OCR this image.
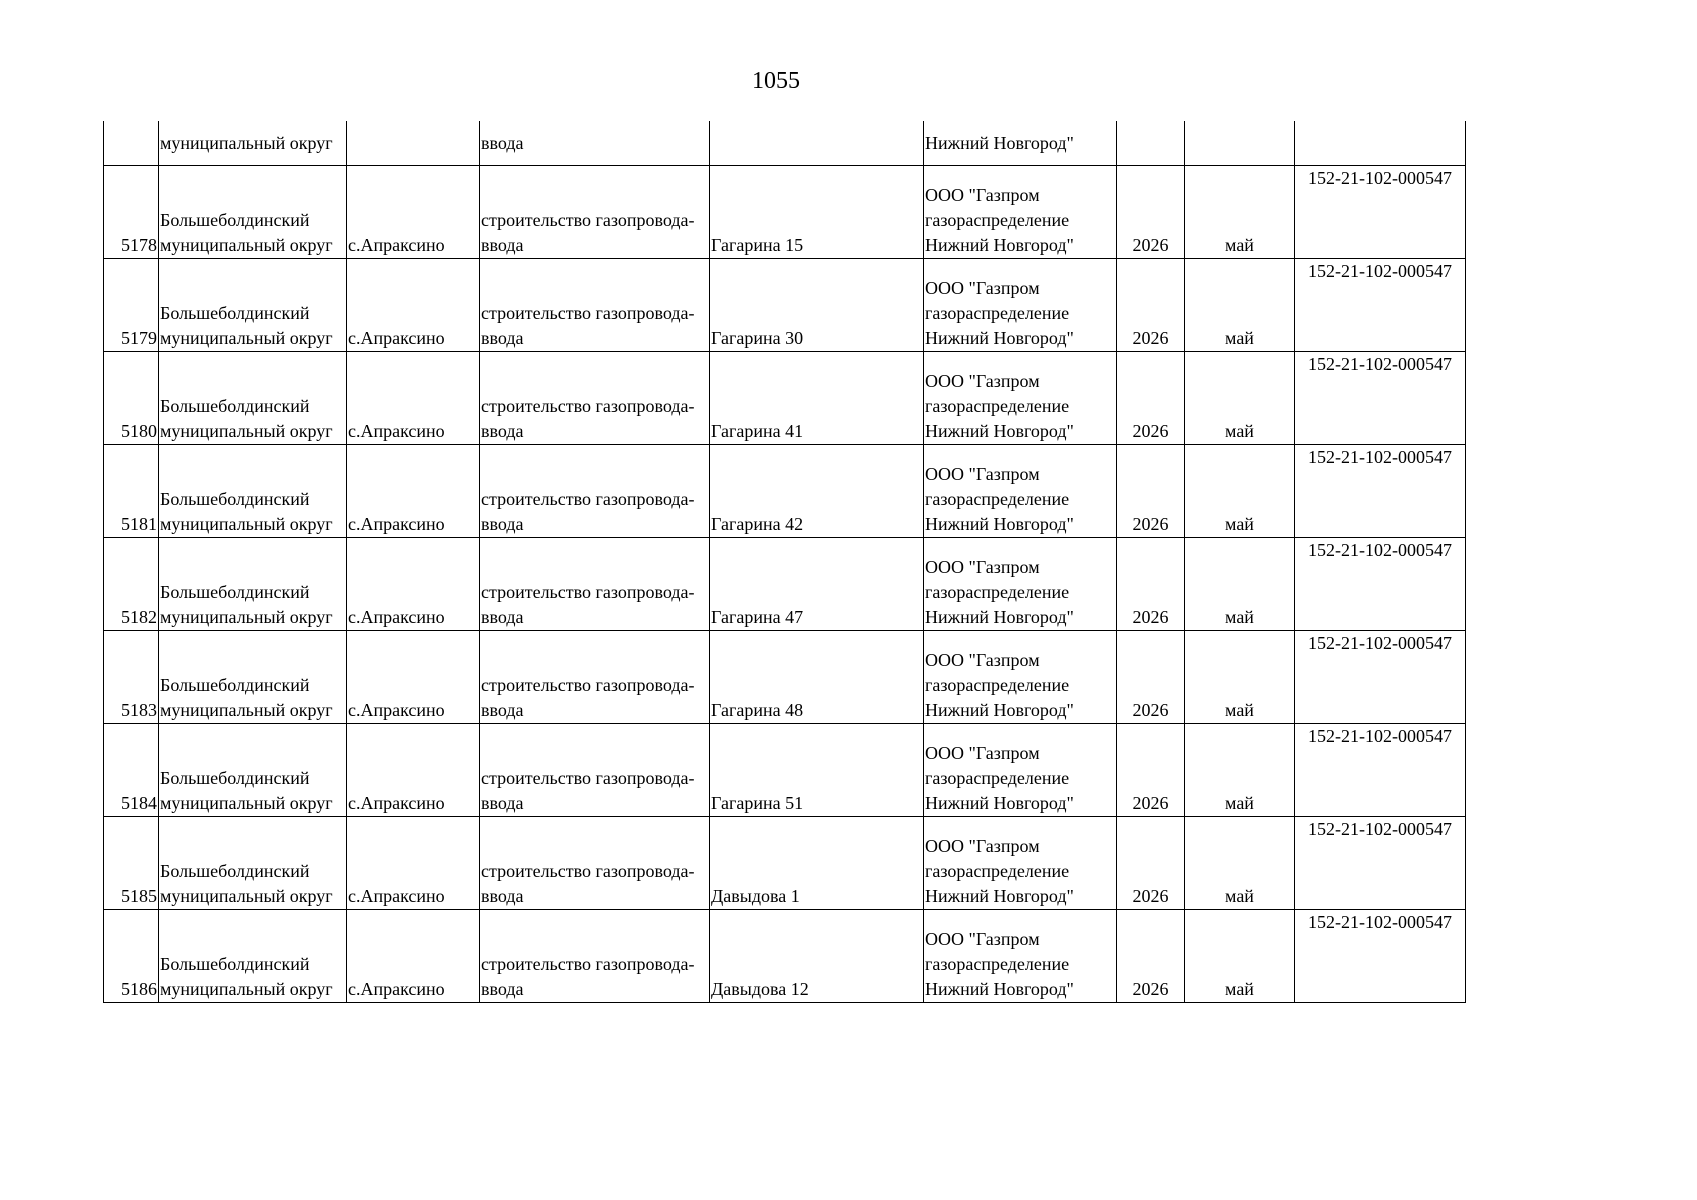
1055

	муниципальный округ		ввода		Нижний Новгород"			

5178	Большеболдинский
муниципальный округ	с.Апраксино	строительство газопровода-
ввода	Гагарина 15	ООО "Газпром
газораспределение
Нижний Новгород"	2026	май	152-21-102-000547
5179	Большеболдинский
муниципальный округ	с.Апраксино	строительство газопровода-
ввода	Гагарина 30	ООО "Газпром
газораспределение
Нижний Новгород"	2026	май	152-21-102-000547
5180	Большеболдинский
муниципальный округ	с.Апраксино	строительство газопровода-
ввода	Гагарина 41	ООО "Газпром
газораспределение
Нижний Новгород"	2026	май	152-21-102-000547
5181	Большеболдинский
муниципальный округ	с.Апраксино	строительство газопровода-
ввода	Гагарина 42	ООО "Газпром
газораспределение
Нижний Новгород"	2026	май	152-21-102-000547
5182	Большеболдинский
муниципальный округ	с.Апраксино	строительство газопровода-
ввода	Гагарина 47	ООО "Газпром
газораспределение
Нижний Новгород"	2026	май	152-21-102-000547
5183	Большеболдинский
муниципальный округ	с.Апраксино	строительство газопровода-
ввода	Гагарина 48	ООО "Газпром
газораспределение
Нижний Новгород"	2026	май	152-21-102-000547
5184	Большеболдинский
муниципальный округ	с.Апраксино	строительство газопровода-
ввода	Гагарина 51	ООО "Газпром
газораспределение
Нижний Новгород"	2026	май	152-21-102-000547
5185	Большеболдинский
муниципальный округ	с.Апраксино	строительство газопровода-
ввода	Давыдова 1	ООО "Газпром
газораспределение
Нижний Новгород"	2026	май	152-21-102-000547
5186	Большеболдинский
муниципальный округ	с.Апраксино	строительство газопровода-
ввода	Давыдова 12	ООО "Газпром
газораспределение
Нижний Новгород"	2026	май	152-21-102-000547
